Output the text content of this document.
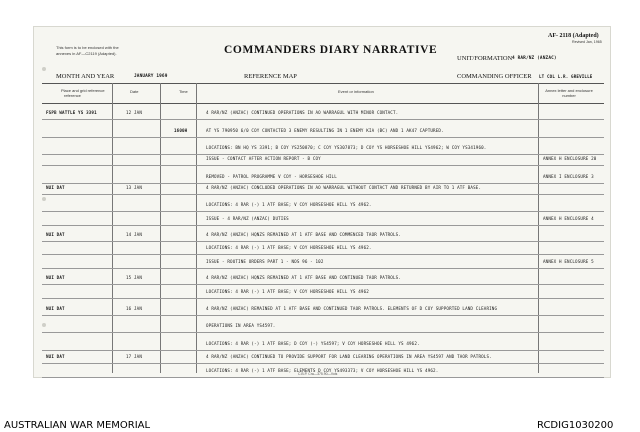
This form is to be enclosed with the
annexes in AF—C2119 (Adapted).	COMMANDERS DIARY NARRATIVE
AF- 2118 (Adapted)
Revised Jan, 1965
UNIT/FORMATION 4 RAR/NZ (ANZAC)
MONTH AND YEAR	JANUARY 1969	REFERENCE MAP	COMMANDING OFFICER LT COL L.R. GREVILLE
Place and grid reference
reference
Date	Time	Event or information	Annex letter and enclosure number
FSPB WATTLE YS 3391	12 JAN	4 RAR/NZ (ANZAC) CONTINUED OPERATIONS IN AO WARRAGUL WITH MINOR CONTACT.
1600H	AT YS 790950 6/0 COY CONTACTED 3 ENEMY RESULTING IN 1 ENEMY KIA (BC) AND 1 AK47 CAPTURED.
LOCATIONS: BN HQ YS 3391; B COY YS250870; C COY YS307873; D COY YS HORSESHOE HILL YS4962; W COY YS341960.
ISSUE - CONTACT AFTER ACTION REPORT - B COY	ANNEX H ENCLOSURE 20
REMOVED - PATROL PROGRAMME V COY - HORSESHOE HILL	ANNEX I ENCLOSURE 3
NUI DAT	13 JAN	4 RAR/NZ (ANZAC) CONCLUDED OPERATIONS IN AO WARRAGUL WITHOUT CONTACT AND RETURNED BY AIR TO 1 ATF BASE.
LOCATIONS: 4 RAR (-) 1 ATF BASE; V COY HORSESHOE HILL YS 4962.
ISSUE - 4 RAR/NZ (ANZAC) DUTIES	ANNEX H ENCLOSURE 4
NUI DAT	14 JAN	4 RAR/NZ (ANZAC) HQNZS REMAINED AT 1 ATF BASE AND COMMENCED TAOR PATROLS.
LOCATIONS: 4 RAR (-) 1 ATF BASE; V COY HORSESHOE HILL YS 4962.
ISSUE - ROUTINE ORDERS PART 1 - NOS 96 - 102	ANNEX H ENCLOSURE 5
NUI DAT	15 JAN	4 RAR/NZ (ANZAC) HQNZS REMAINED AT 1 ATF BASE AND CONTINUED TAOR PATROLS.
LOCATIONS: 4 RAR (-) 1 ATF BASE; V COY HORSESHOE HILL YS 4962
NUI DAT	16 JAN	4 RAR/NZ (ANZAC) REMAINED AT 1 ATF BASE AND CONTINUED TAOR PATROLS. ELEMENTS OF D COY SUPPORTED LAND CLEARING
OPERATIONS IN AREA YS4597.
LOCATIONS: 4 RAR (-) 1 ATF BASE; D COY (-) YS4597; V COY HORSESHOE HILL YS 4962.
NUI DAT	17 JAN	4 RAR/NZ (ANZAC) CONTINUED TO PROVIDE SUPPORT FOR LAND CLEARING OPERATIONS IN AREA YS4597 AND TAOR PATROLS.
LOCATIONS: 4 RAR (-) 1 ATF BASE; ELEMENTS D COY YS493373; V COY HORSESHOE HILL YS 4962.
C.B.P. Cra—375.90—Vols
AUSTRALIAN WAR MEMORIAL	RCDIG1030200
